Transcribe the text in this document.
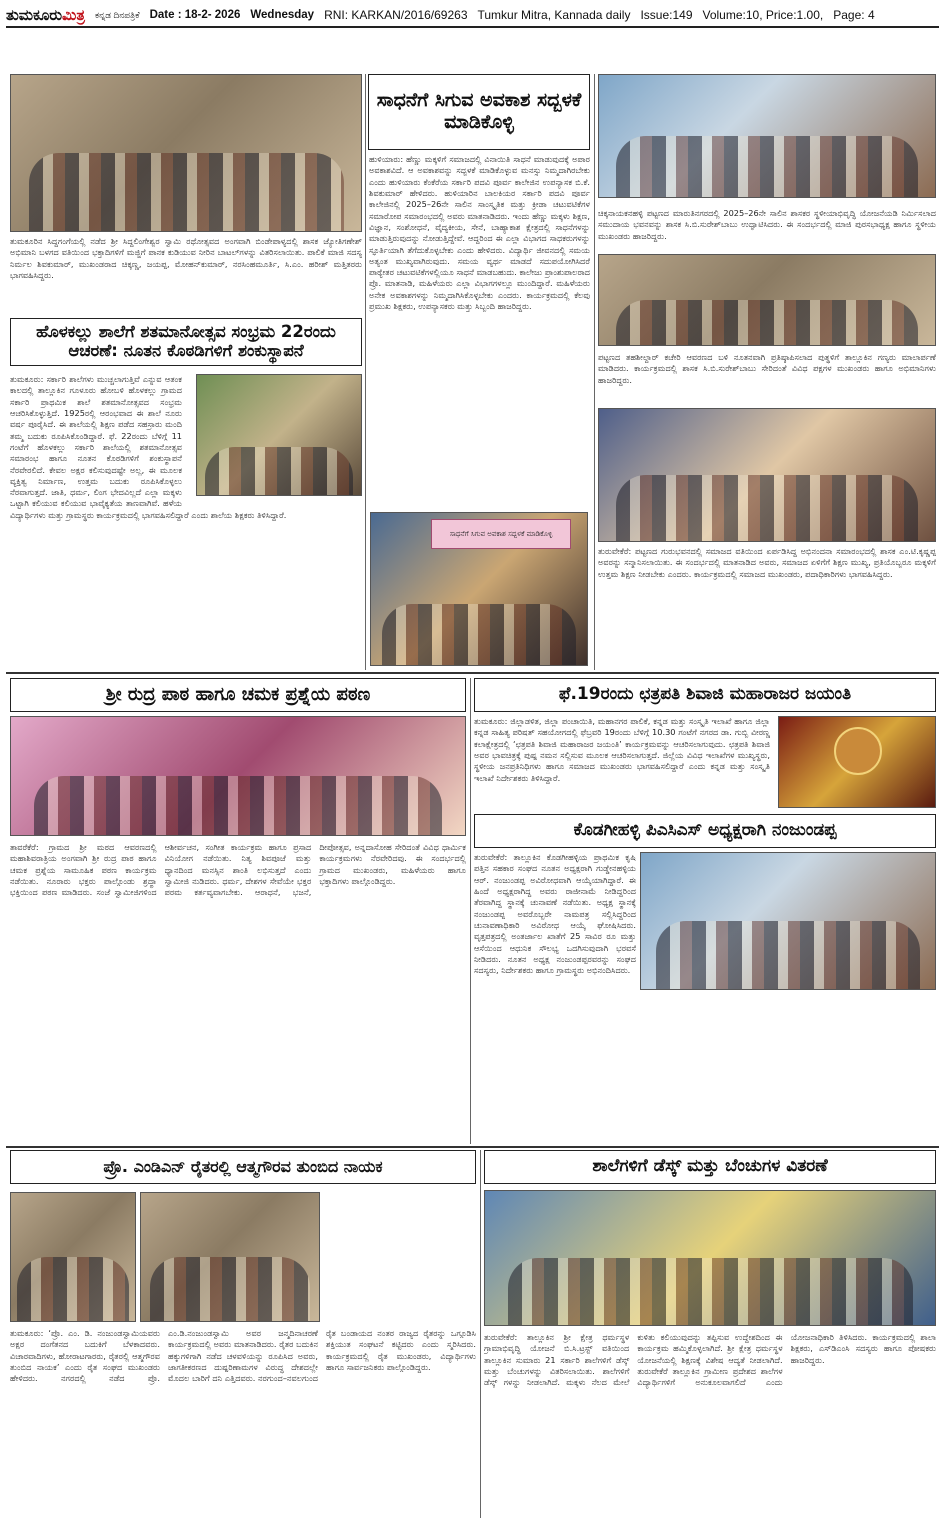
ತುಮಕೂರುಮಿತ್ರ ಕನ್ನಡ ದಿನಪತ್ರಿಕೆ Date : 18-2- 2026 Wednesday RNI: KARKAN/2016/69263 Tumkur Mitra, Kannada daily Issue:149 Volume:10, Price:1.00, Page: 4
ತುಮಕೂರಿನ ಸಿದ್ದಗಂಗೆಯಲ್ಲಿ ನಡೆದ ಶ್ರೀ ಸಿದ್ದಲಿಂಗೇಶ್ವರ ಸ್ವಾಮಿ ರಥೋತ್ಸವದ ಅಂಗವಾಗಿ ಬಿಂಡೇಪಾಳ್ಯದಲ್ಲಿ ಶಾಸಕ ಜ್ಯೋತಿಗಣೇಶ್ ಅಭಿಮಾನಿ ಬಳಗದ ವತಿಯಿಂದ ಭಕ್ತಾದಿಗಳಿಗೆ ಮಜ್ಜಿಗೆ ಪಾನಕ ಕುಡಿಯುವ ನೀರಿನ ಬಾಟಲ್‌ಗಳನ್ನು ವಿತರಿಸಲಾಯಿತು. ಪಾಲಿಕೆ ಮಾಜಿ ಸದಸ್ಯ ನಿರ್ಮಲ ಶಿವಕುಮಾರ್, ಮುಖಂಡರಾದ ಚಿಕ್ಕಣ್ಣ, ಜಯಪ್ಪ, ಮೋಹನ್‌ಕುಮಾರ್, ನರಸಿಂಹಮೂರ್ತಿ, ಸಿ.ಎಂ. ಹರೀಶ್ ಮತ್ತಿತರರು ಭಾಗವಹಿಸಿದ್ದರು.
ಸಾಧನೆಗೆ ಸಿಗುವ ಅವಕಾಶ ಸದ್ಬಳಕೆ ಮಾಡಿಕೊಳ್ಳಿ
ಹುಳಿಯಾರು: ಹೆಣ್ಣು ಮಕ್ಕಳಿಗೆ ಸಮಾಜದಲ್ಲಿ ವಿನಾಯಿತಿ ಸಾಧನೆ ಮಾಡುವುದಕ್ಕೆ ಅಪಾರ ಅವಕಾಶವಿದೆ. ಆ ಅವಕಾಶವನ್ನು ಸದ್ಬಳಕೆ ಮಾಡಿಕೊಳ್ಳುವ ಮನಸ್ಸು ನಿಮ್ಮದಾಗಿರಬೇಕು ಎಂದು ಹುಳಿಯಾರು ಕೆಂಕೆರೆಯ ಸರ್ಕಾರಿ ಪದವಿ ಪೂರ್ವ ಕಾಲೇಜಿನ ಉಪನ್ಯಾಸಕ ಬಿ.ಕೆ. ಶಿವಕುಮಾರ್ ಹೇಳಿದರು. ಹುಳಿಯಾರಿನ ಬಾಲಕಿಯರ ಸರ್ಕಾರಿ ಪದವಿ ಪೂರ್ವ ಕಾಲೇಜಿನಲ್ಲಿ 2025–26ನೇ ಸಾಲಿನ ಸಾಂಸ್ಕೃತಿಕ ಮತ್ತು ಕ್ರೀಡಾ ಚಟುವಟಿಕೆಗಳ ಸಮಾರೋಪ ಸಮಾರಂಭದಲ್ಲಿ ಅವರು ಮಾತನಾಡಿದರು. ಇಂದು ಹೆಣ್ಣು ಮಕ್ಕಳು ಶಿಕ್ಷಣ, ವಿಜ್ಞಾನ, ಸಂಶೋಧನೆ, ವೈದ್ಯಕೀಯ, ಸೇನೆ, ಬಾಹ್ಯಾಕಾಶ ಕ್ಷೇತ್ರದಲ್ಲಿ ಸಾಧನೆಗಳನ್ನು ಮಾಡುತ್ತಿರುವುದನ್ನು ನೋಡುತ್ತಿದ್ದೇವೆ. ಆದ್ದರಿಂದ ಈ ಎಲ್ಲಾ ವಿಭಾಗದ ಸಾಧಕರುಗಳನ್ನು ಸ್ಫೂರ್ತಿಯಾಗಿ ತೆಗೆದುಕೊಳ್ಳಬೇಕು ಎಂದು ಹೇಳಿದರು. ವಿದ್ಯಾರ್ಥಿ ಜೀವನದಲ್ಲಿ ಸಮಯ ಅತ್ಯಂತ ಮುಖ್ಯವಾಗಿರುವುದು. ಸಮಯ ವ್ಯರ್ಥ ಮಾಡದೆ ಸದುಪಯೋಗಿಸಿದರೆ ಪಾಠ್ಯೇತರ ಚಟುವಟಿಕೆಗಳಲ್ಲಿಯೂ ಸಾಧನೆ ಮಾಡಬಹುದು. ಕಾಲೇಜು ಪ್ರಾಂಶುಪಾಲರಾದ ಪ್ರೊ. ಮಾತನಾಡಿ, ಮಹಿಳೆಯರು ಎಲ್ಲಾ ವಿಭಾಗಗಳಲ್ಲೂ ಮುಂದಿದ್ದಾರೆ. ಮಹಿಳೆಯರು ಅನೇಕ ಅವಕಾಶಗಳನ್ನು ನಿಮ್ಮದಾಗಿಸಿಕೊಳ್ಳಬೇಕು ಎಂದರು. ಕಾರ್ಯಕ್ರಮದಲ್ಲಿ ಕೆಲವು ಪ್ರಮುಖ ಶಿಕ್ಷಕರು, ಉಪನ್ಯಾಸಕರು ಮತ್ತು ಸಿಬ್ಬಂದಿ ಹಾಜರಿದ್ದರು.
ಸಾಧನೆಗೆ ಸಿಗುವ ಅವಕಾಶ ಸದ್ಬಳಕೆ ಮಾಡಿಕೊಳ್ಳಿ
ಹೊಳಕಲ್ಲು ಶಾಲೆಗೆ ಶತಮಾನೋತ್ಸವ ಸಂಭ್ರಮ 22ರಂದು ಆಚರಣೆ: ನೂತನ ಕೊಠಡಿಗಳಿಗೆ ಶಂಕುಸ್ಥಾಪನೆ
ತುಮಕೂರು: ಸರ್ಕಾರಿ ಶಾಲೆಗಳು ಮುಚ್ಚಲಾಗುತ್ತಿವೆ ಎನ್ನುವ ಆತಂಕ ಕಾಲದಲ್ಲಿ ತಾಲ್ಲೂಕಿನ ಗೂಳೂರು ಹೋಬಳಿ ಹೊಳಕಲ್ಲು ಗ್ರಾಮದ ಸರ್ಕಾರಿ ಪ್ರಾಥಮಿಕ ಶಾಲೆ ಶತಮಾನೋತ್ಸವದ ಸಂಭ್ರಮ ಆಚರಿಸಿಕೊಳ್ಳುತ್ತಿದೆ. 1925ರಲ್ಲಿ ಆರಂಭವಾದ ಈ ಶಾಲೆ ನೂರು ವರ್ಷ ಪೂರೈಸಿದೆ. ಈ ಶಾಲೆಯಲ್ಲಿ ಶಿಕ್ಷಣ ಪಡೆದ ಸಹಸ್ರಾರು ಮಂದಿ ತಮ್ಮ ಬದುಕು ರೂಪಿಸಿಕೊಂಡಿದ್ದಾರೆ. ಫೆ. 22ರಂದು ಬೆಳಿಗ್ಗೆ 11 ಗಂಟೆಗೆ ಹೊಳಕಲ್ಲು ಸರ್ಕಾರಿ ಶಾಲೆಯಲ್ಲಿ ಶತಮಾನೋತ್ಸವ ಸಮಾರಂಭ ಹಾಗೂ ನೂತನ ಕೊಠಡಿಗಳಿಗೆ ಶಂಕುಸ್ಥಾಪನೆ ನೆರವೇರಲಿದೆ. ಕೇವಲ ಅಕ್ಷರ ಕಲಿಸುವುದಷ್ಟೇ ಅಲ್ಲ, ಈ ಮೂಲಕ ವ್ಯಕ್ತಿತ್ವ ನಿರ್ಮಾಣ, ಉತ್ತಮ ಬದುಕು ರೂಪಿಸಿಕೊಳ್ಳಲು ನೆರವಾಗುತ್ತದೆ. ಜಾತಿ, ಧರ್ಮ, ಲಿಂಗ ಭೇದವಿಲ್ಲದೆ ಎಲ್ಲಾ ಮಕ್ಕಳು ಒಟ್ಟಾಗಿ ಕಲಿಯುವ ಕಲಿಯುವ ಭಾವೈಕ್ಯತೆಯ ತಾಣವಾಗಿವೆ. ಹಳೆಯ ವಿದ್ಯಾರ್ಥಿಗಳು ಮತ್ತು ಗ್ರಾಮಸ್ಥರು ಕಾರ್ಯಕ್ರಮದಲ್ಲಿ ಭಾಗವಹಿಸಲಿದ್ದಾರೆ ಎಂದು ಶಾಲೆಯ ಶಿಕ್ಷಕರು ತಿಳಿಸಿದ್ದಾರೆ.
ಚಿಕ್ಕನಾಯಕನಹಳ್ಳಿ ಪಟ್ಟಣದ ಮಾರುತಿನಗರದಲ್ಲಿ 2025–26ನೇ ಸಾಲಿನ ಶಾಸಕರ ಸ್ಥಳೀಯಾಭಿವೃದ್ಧಿ ಯೋಜನೆಯಡಿ ನಿರ್ಮಿಸಲಾದ ಸಮುದಾಯ ಭವನವನ್ನು ಶಾಸಕ ಸಿ.ಬಿ.ಸುರೇಶ್‌ಬಾಬು ಉದ್ಘಾಟಿಸಿದರು. ಈ ಸಂದರ್ಭದಲ್ಲಿ ಮಾಜಿ ಪುರಸಭಾಧ್ಯಕ್ಷ ಹಾಗೂ ಸ್ಥಳೀಯ ಮುಖಂಡರು ಹಾಜರಿದ್ದರು.
ಪಟ್ಟಣದ ತಹಶೀಲ್ದಾರ್ ಕಚೇರಿ ಆವರಣದ ಬಳಿ ನೂತನವಾಗಿ ಪ್ರತಿಷ್ಠಾಪಿಸಲಾದ ಪುತ್ಥಳಿಗೆ ತಾಲ್ಲೂಕಿನ ಗಣ್ಯರು ಮಾಲಾರ್ಪಣೆ ಮಾಡಿದರು. ಕಾರ್ಯಕ್ರಮದಲ್ಲಿ ಶಾಸಕ ಸಿ.ಬಿ.ಸುರೇಶ್‌ಬಾಬು ಸೇರಿದಂತೆ ವಿವಿಧ ಪಕ್ಷಗಳ ಮುಖಂಡರು ಹಾಗೂ ಅಭಿಮಾನಿಗಳು ಹಾಜರಿದ್ದರು.
ತುರುವೇಕೆರೆ: ಪಟ್ಟಣದ ಗುರುಭವನದಲ್ಲಿ ಸಮಾಜದ ವತಿಯಿಂದ ಏರ್ಪಡಿಸಿದ್ದ ಅಭಿನಂದನಾ ಸಮಾರಂಭದಲ್ಲಿ ಶಾಸಕ ಎಂ.ಟಿ.ಕೃಷ್ಣಪ್ಪ ಅವರನ್ನು ಸನ್ಮಾನಿಸಲಾಯಿತು. ಈ ಸಂದರ್ಭದಲ್ಲಿ ಮಾತನಾಡಿದ ಅವರು, ಸಮಾಜದ ಏಳಿಗೆಗೆ ಶಿಕ್ಷಣ ಮುಖ್ಯ, ಪ್ರತಿಯೊಬ್ಬರೂ ಮಕ್ಕಳಿಗೆ ಉತ್ತಮ ಶಿಕ್ಷಣ ನೀಡಬೇಕು ಎಂದರು. ಕಾರ್ಯಕ್ರಮದಲ್ಲಿ ಸಮಾಜದ ಮುಖಂಡರು, ಪದಾಧಿಕಾರಿಗಳು ಭಾಗವಹಿಸಿದ್ದರು.
ಶ್ರೀ ರುದ್ರ ಪಾಠ ಹಾಗೂ ಚಮಕ ಪ್ರಶ್ನೆಯ ಪಠಣ
ತಾವರೆಕೆರೆ: ಗ್ರಾಮದ ಶ್ರೀ ಮಠದ ಆವರಣದಲ್ಲಿ ಮಹಾಶಿವರಾತ್ರಿಯ ಅಂಗವಾಗಿ ಶ್ರೀ ರುದ್ರ ಪಾಠ ಹಾಗೂ ಚಮಕ ಪ್ರಶ್ನೆಯ ಸಾಮೂಹಿಕ ಪಠಣ ಕಾರ್ಯಕ್ರಮ ನಡೆಯಿತು. ನೂರಾರು ಭಕ್ತರು ಪಾಲ್ಗೊಂಡು ಶ್ರದ್ಧಾ ಭಕ್ತಿಯಿಂದ ಪಠಣ ಮಾಡಿದರು. ಸಂಜೆ ಸ್ವಾಮೀಜಿಗಳಿಂದ ಆಶೀರ್ವಚನ, ಸಂಗೀತ ಕಾರ್ಯಕ್ರಮ ಹಾಗೂ ಪ್ರಸಾದ ವಿನಿಯೋಗ ನಡೆಯಿತು. ನಿತ್ಯ ಶಿವಪೂಜೆ ಮತ್ತು ಧ್ಯಾನದಿಂದ ಮನಸ್ಸಿನ ಶಾಂತಿ ಲಭಿಸುತ್ತದೆ ಎಂದು ಸ್ವಾಮೀಜಿ ನುಡಿದರು. ಧರ್ಮ, ದೇಶಗಳ ಸೇವೆಯೇ ಭಕ್ತರ ಪರಮ ಕರ್ತವ್ಯವಾಗಬೇಕು. ಆರಾಧನೆ, ಭಜನೆ, ದೀಪೋತ್ಸವ, ಅನ್ನದಾಸೋಹ ಸೇರಿದಂತೆ ವಿವಿಧ ಧಾರ್ಮಿಕ ಕಾರ್ಯಕ್ರಮಗಳು ನೆರವೇರಿದವು. ಈ ಸಂದರ್ಭದಲ್ಲಿ ಗ್ರಾಮದ ಮುಖಂಡರು, ಮಹಿಳೆಯರು ಹಾಗೂ ಭಕ್ತಾದಿಗಳು ಪಾಲ್ಗೊಂಡಿದ್ದರು.
ಫೆ.19ರಂದು ಛತ್ರಪತಿ ಶಿವಾಜಿ ಮಹಾರಾಜರ ಜಯಂತಿ
ತುಮಕೂರು: ಜಿಲ್ಲಾಡಳಿತ, ಜಿಲ್ಲಾ ಪಂಚಾಯಿತಿ, ಮಹಾನಗರ ಪಾಲಿಕೆ, ಕನ್ನಡ ಮತ್ತು ಸಂಸ್ಕೃತಿ ಇಲಾಖೆ ಹಾಗೂ ಜಿಲ್ಲಾ ಕನ್ನಡ ಸಾಹಿತ್ಯ ಪರಿಷತ್ ಸಹಯೋಗದಲ್ಲಿ ಫೆಬ್ರವರಿ 19ರಂದು ಬೆಳಿಗ್ಗೆ 10.30 ಗಂಟೆಗೆ ನಗರದ ಡಾ. ಗುಬ್ಬಿ ವೀರಣ್ಣ ಕಲಾಕ್ಷೇತ್ರದಲ್ಲಿ ‘ಛತ್ರಪತಿ ಶಿವಾಜಿ ಮಹಾರಾಜರ ಜಯಂತಿ’ ಕಾರ್ಯಕ್ರಮವನ್ನು ಆಚರಿಸಲಾಗುವುದು. ಛತ್ರಪತಿ ಶಿವಾಜಿ ಅವರ ಭಾವಚಿತ್ರಕ್ಕೆ ಪುಷ್ಪ ನಮನ ಸಲ್ಲಿಸುವ ಮೂಲಕ ಆಚರಿಸಲಾಗುತ್ತದೆ. ಜಿಲ್ಲೆಯ ವಿವಿಧ ಇಲಾಖೆಗಳ ಮುಖ್ಯಸ್ಥರು, ಸ್ಥಳೀಯ ಜನಪ್ರತಿನಿಧಿಗಳು ಹಾಗೂ ಸಮಾಜದ ಮುಖಂಡರು ಭಾಗವಹಿಸಲಿದ್ದಾರೆ ಎಂದು ಕನ್ನಡ ಮತ್ತು ಸಂಸ್ಕೃತಿ ಇಲಾಖೆ ನಿರ್ದೇಶಕರು ತಿಳಿಸಿದ್ದಾರೆ.
ಕೊಡಗೀಹಳ್ಳಿ ಪಿಎಸಿಎಸ್ ಅಧ್ಯಕ್ಷರಾಗಿ ನಂಜುಂಡಪ್ಪ
ತುರುವೇಕೆರೆ: ತಾಲ್ಲೂಕಿನ ಕೊಡಗೀಹಳ್ಳಿಯ ಪ್ರಾಥಮಿಕ ಕೃಷಿ ಪತ್ತಿನ ಸಹಕಾರ ಸಂಘದ ನೂತನ ಅಧ್ಯಕ್ಷರಾಗಿ ಗುಡ್ಡೇನಹಳ್ಳಿಯ ಆರ್. ನಂಜುಂಡಪ್ಪ ಅವಿರೋಧವಾಗಿ ಆಯ್ಕೆಯಾಗಿದ್ದಾರೆ. ಈ ಹಿಂದೆ ಅಧ್ಯಕ್ಷರಾಗಿದ್ದ ಅವರು ರಾಜೀನಾಮೆ ನೀಡಿದ್ದರಿಂದ ತೆರವಾಗಿದ್ದ ಸ್ಥಾನಕ್ಕೆ ಚುನಾವಣೆ ನಡೆಯಿತು. ಅಧ್ಯಕ್ಷ ಸ್ಥಾನಕ್ಕೆ ನಂಜುಂಡಪ್ಪ ಅವರೊಬ್ಬರೇ ನಾಮಪತ್ರ ಸಲ್ಲಿಸಿದ್ದರಿಂದ ಚುನಾವಣಾಧಿಕಾರಿ ಅವಿರೋಧ ಆಯ್ಕೆ ಘೋಷಿಸಿದರು. ವೃತ್ತಪತ್ರದಲ್ಲಿ ಅಂತರ್ಜಾಲ ಖಾತೆಗೆ 25 ಸಾವಿರ ರೂ ಮತ್ತು ಆಸೆಯಿಂದ ಆಧುನಿಕ ಸೌಲಭ್ಯ ಒದಗಿಸುವುದಾಗಿ ಭರವಸೆ ನೀಡಿದರು. ನೂತನ ಅಧ್ಯಕ್ಷ ನಂಜುಂಡಪ್ಪರವರನ್ನು ಸಂಘದ ಸದಸ್ಯರು, ನಿರ್ದೇಶಕರು ಹಾಗೂ ಗ್ರಾಮಸ್ಥರು ಅಭಿನಂದಿಸಿದರು.
ಪ್ರೊ. ಎಂಡಿಎನ್ ರೈತರಲ್ಲಿ ಆತ್ಮಗೌರವ ತುಂಬಿದ ನಾಯಕ
ತುಮಕೂರು: ‘ಪ್ರೊ. ಎಂ. ಡಿ. ನಂಜುಂಡಸ್ವಾಮಿಯವರು ಅಕ್ಷರ ದಂಗೆತನದ ಬದುಕಿಗೆ ಬೆಳಕಾದವರು. ವಿಚಾರವಾದಿಗಳು, ಹೋರಾಟಗಾರರು, ರೈತರಲ್ಲಿ ಆತ್ಮಗೌರವ ತುಂಬಿದ ನಾಯಕ’ ಎಂದು ರೈತ ಸಂಘದ ಮುಖಂಡರು ಹೇಳಿದರು. ನಗರದಲ್ಲಿ ನಡೆದ ಪ್ರೊ. ಎಂ.ಡಿ.ನಂಜುಂಡಸ್ವಾಮಿ ಅವರ ಜನ್ಮದಿನಾಚರಣೆ ಕಾರ್ಯಕ್ರಮದಲ್ಲಿ ಅವರು ಮಾತನಾಡಿದರು. ರೈತರ ಬದುಕಿನ ಹಕ್ಕುಗಳಿಗಾಗಿ ನಡೆದ ಚಳವಳಿಯನ್ನು ರೂಪಿಸಿದ ಅವರು, ಜಾಗತೀಕರಣದ ದುಷ್ಪರಿಣಾಮಗಳ ವಿರುದ್ಧ ದೇಶದಲ್ಲೇ ಮೊದಲ ಬಾರಿಗೆ ದನಿ ಎತ್ತಿದವರು. ನರಗುಂದ–ನವಲಗುಂದ ರೈತ ಬಂಡಾಯದ ನಂತರ ರಾಜ್ಯದ ರೈತರನ್ನು ಒಗ್ಗೂಡಿಸಿ ಶಕ್ತಿಯುತ ಸಂಘಟನೆ ಕಟ್ಟಿದರು ಎಂದು ಸ್ಮರಿಸಿದರು. ಕಾರ್ಯಕ್ರಮದಲ್ಲಿ ರೈತ ಮುಖಂಡರು, ವಿದ್ಯಾರ್ಥಿಗಳು ಹಾಗೂ ಸಾರ್ವಜನಿಕರು ಪಾಲ್ಗೊಂಡಿದ್ದರು.
ಶಾಲೆಗಳಿಗೆ ಡೆಸ್ಕ್ ಮತ್ತು ಬೆಂಚುಗಳ ವಿತರಣೆ
ತುರುವೇಕೆರೆ: ತಾಲ್ಲೂಕಿನ ಶ್ರೀ ಕ್ಷೇತ್ರ ಧರ್ಮಸ್ಥಳ ಗ್ರಾಮಾಭಿವೃದ್ಧಿ ಯೋಜನೆ ಬಿ.ಸಿ.ಟ್ರಸ್ಟ್ ವತಿಯಿಂದ ತಾಲ್ಲೂಕಿನ ಸುಮಾರು 21 ಸರ್ಕಾರಿ ಶಾಲೆಗಳಿಗೆ ಡೆಸ್ಕ್ ಮತ್ತು ಬೆಂಚುಗಳನ್ನು ವಿತರಿಸಲಾಯಿತು. ಶಾಲೆಗಳಿಗೆ ಡೆಸ್ಕ್ ಗಳನ್ನು ನೀಡಲಾಗಿದೆ. ಮಕ್ಕಳು ನೆಲದ ಮೇಲೆ ಕುಳಿತು ಕಲಿಯುವುದನ್ನು ತಪ್ಪಿಸುವ ಉದ್ದೇಶದಿಂದ ಈ ಕಾರ್ಯಕ್ರಮ ಹಮ್ಮಿಕೊಳ್ಳಲಾಗಿದೆ. ಶ್ರೀ ಕ್ಷೇತ್ರ ಧರ್ಮಸ್ಥಳ ಯೋಜನೆಯಲ್ಲಿ ಶಿಕ್ಷಣಕ್ಕೆ ವಿಶೇಷ ಆದ್ಯತೆ ನೀಡಲಾಗಿದೆ. ತುರುವೇಕೆರೆ ತಾಲ್ಲೂಕಿನ ಗ್ರಾಮೀಣ ಪ್ರದೇಶದ ಶಾಲೆಗಳ ವಿದ್ಯಾರ್ಥಿಗಳಿಗೆ ಅನುಕೂಲವಾಗಲಿದೆ ಎಂದು ಯೋಜನಾಧಿಕಾರಿ ತಿಳಿಸಿದರು. ಕಾರ್ಯಕ್ರಮದಲ್ಲಿ ಶಾಲಾ ಶಿಕ್ಷಕರು, ಎಸ್‌ಡಿಎಂಸಿ ಸದಸ್ಯರು ಹಾಗೂ ಪೋಷಕರು ಹಾಜರಿದ್ದರು.
